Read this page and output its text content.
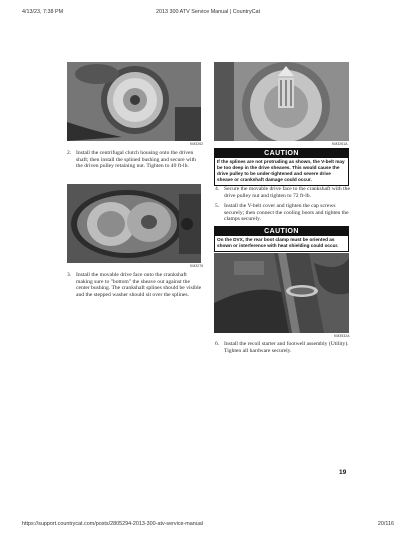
4/13/23, 7:38 PM	2013 300 ATV Service Manual | CountryCat
KM3262
2. Install the centrifugal clutch housing onto the driven shaft; then install the splined bushing and secure with the driven pulley retaining nut. Tighten to 40 ft-lb.
KM3276
3. Install the movable drive face onto the crankshaft making sure to "bottom" the sheave out against the center bushing. The crankshaft splines should be visible and the stepped washer should sit over the splines.
KM3261A
CAUTION
If the splines are not protruding as shown, the V-belt may be too deep in the drive sheaves. This would cause the drive pulley to be under-tightened and severe drive sheave or crankshaft damage could occur.
4. Secure the movable drive face to the crankshaft with the drive pulley nut and tighten to 72 ft-lb.
5. Install the V-belt cover and tighten the cap screws securely; then connect the cooling boots and tighten the clamps securely.
CAUTION
On the DVX, the rear boot clamp must be oriented as shown or interference with heat shielding could occur.
KM3532A
6. Install the recoil starter and footwell assembly (Utility). Tighten all hardware securely.
19
https://support.countrycat.com/posts/2805294-2013-300-atv-service-manual	20/116
